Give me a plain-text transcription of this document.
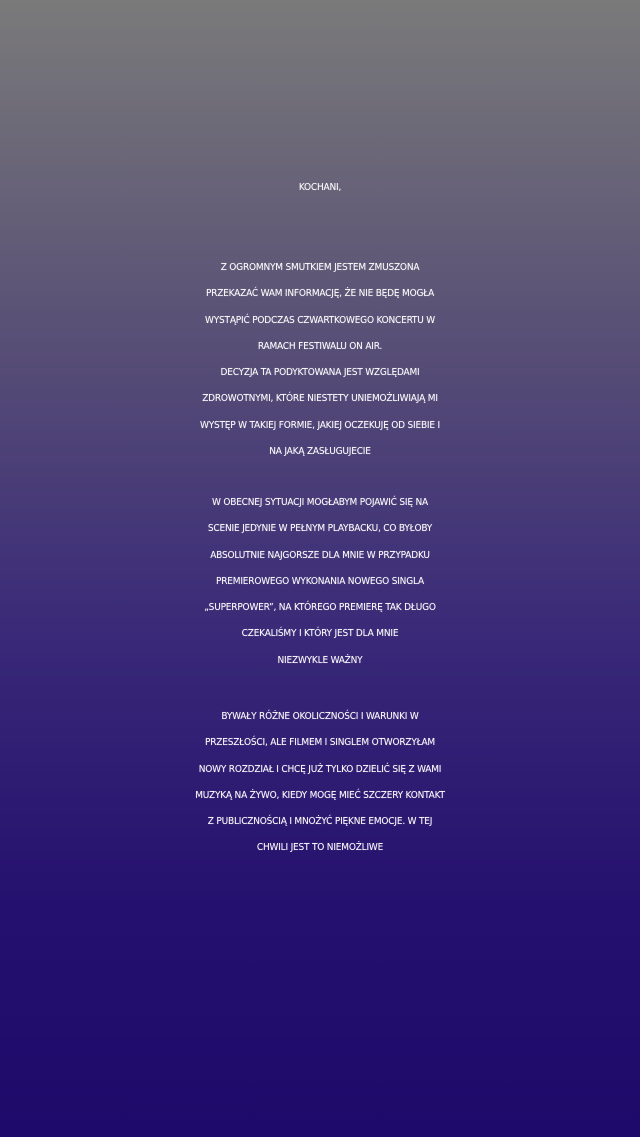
KOCHANI,
Z OGROMNYM SMUTKIEM JESTEM ZMUSZONA
PRZEKAZAĆ WAM INFORMACJĘ, ŻE NIE BĘDĘ MOGŁA
WYSTĄPIĆ PODCZAS CZWARTKOWEGO KONCERTU W
RAMACH FESTIWALU ON AIR.
DECYZJA TA PODYKTOWANA JEST WZGLĘDAMI
ZDROWOTNYMI, KTÓRE NIESTETY UNIEMOŻLIWIAJĄ MI
WYSTĘP W TAKIEJ FORMIE, JAKIEJ OCZEKUJĘ OD SIEBIE I
NA JAKĄ ZASŁUGUJECIE
W OBECNEJ SYTUACJI MOGŁABYM POJAWIĆ SIĘ NA
SCENIE JEDYNIE W PEŁNYM PLAYBACKU, CO BYŁOBY
ABSOLUTNIE NAJGORSZE DLA MNIE W PRZYPADKU
PREMIEROWEGO WYKONANIA NOWEGO SINGLA
„SUPERPOWER”, NA KTÓREGO PREMIERĘ TAK DŁUGO
CZEKALIŚMY I KTÓRY JEST DLA MNIE
NIEZWYKLE WAŻNY
BYWAŁY RÓŻNE OKOLICZNOŚCI I WARUNKI W
PRZESZŁOŚCI, ALE FILMEM I SINGLEM OTWORZYŁAM
NOWY ROZDZIAŁ I CHCĘ JUŻ TYLKO DZIELIĆ SIĘ Z WAMI
MUZYKĄ NA ŻYWO, KIEDY MOGĘ MIEĆ SZCZERY KONTAKT
Z PUBLICZNOŚCIĄ I MNOŻYĆ PIĘKNE EMOCJE. W TEJ
CHWILI JEST TO NIEMOŻLIWE
